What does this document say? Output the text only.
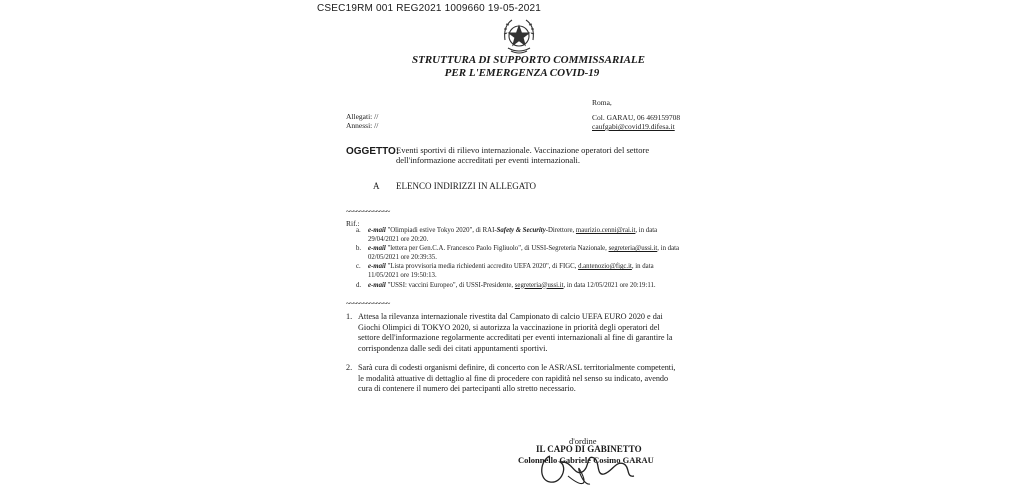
CSEC19RM 001 REG2021 1009660 19-05-2021
STRUTTURA DI SUPPORTO COMMISSARIALE
PER L'EMERGENZA COVID-19
Roma,
Allegati: //
Annessi: //
Col. GARAU, 06 469159708
caufgabi@covid19.difesa.it
OGGETTO:
Eventi sportivi di rilievo internazionale. Vaccinazione operatori del settore dell'informazione accreditati per eventi internazionali.
A ELENCO INDIRIZZI IN ALLEGATO
~~~~~~~~~~~~~
Rif.:
a.	e-mail "Olimpiadi estive Tokyo 2020", di RAI-Safety & Security-Direttore, maurizio.cenni@rai.it, in data 29/04/2021 ore 20:20.
b.	e-mail "lettera per Gen.C.A. Francesco Paolo Figliuolo", di USSI-Segreteria Nazionale, segreteria@ussi.it, in data 02/05/2021 ore 20:39:35.
c.	e-mail "Lista provvisoria media richiedenti accredito UEFA 2020", di FIGC, d.antenozio@figc.it, in data 11/05/2021 ore 19:50:13.
d.	e-mail "USSI: vaccini Europeo", di USSI-Presidente, segreteria@ussi.it, in data 12/05/2021 ore 20:19:11.
~~~~~~~~~~~~~
1. Attesa la rilevanza internazionale rivestita dal Campionato di calcio UEFA EURO 2020 e dai Giochi Olimpici di TOKYO 2020, si autorizza la vaccinazione in priorità degli operatori del settore dell'informazione regolarmente accreditati per eventi internazionali al fine di garantire la corrispondenza dalle sedi dei citati appuntamenti sportivi.
2. Sarà cura di codesti organismi definire, di concerto con le ASR/ASL territorialmente competenti, le modalità attuative di dettaglio al fine di procedere con rapidità nel senso su indicato, avendo cura di contenere il numero dei partecipanti allo stretto necessario.
d'ordine
IL CAPO DI GABINETTO
Colonnello Gabriele Cosimo GARAU
